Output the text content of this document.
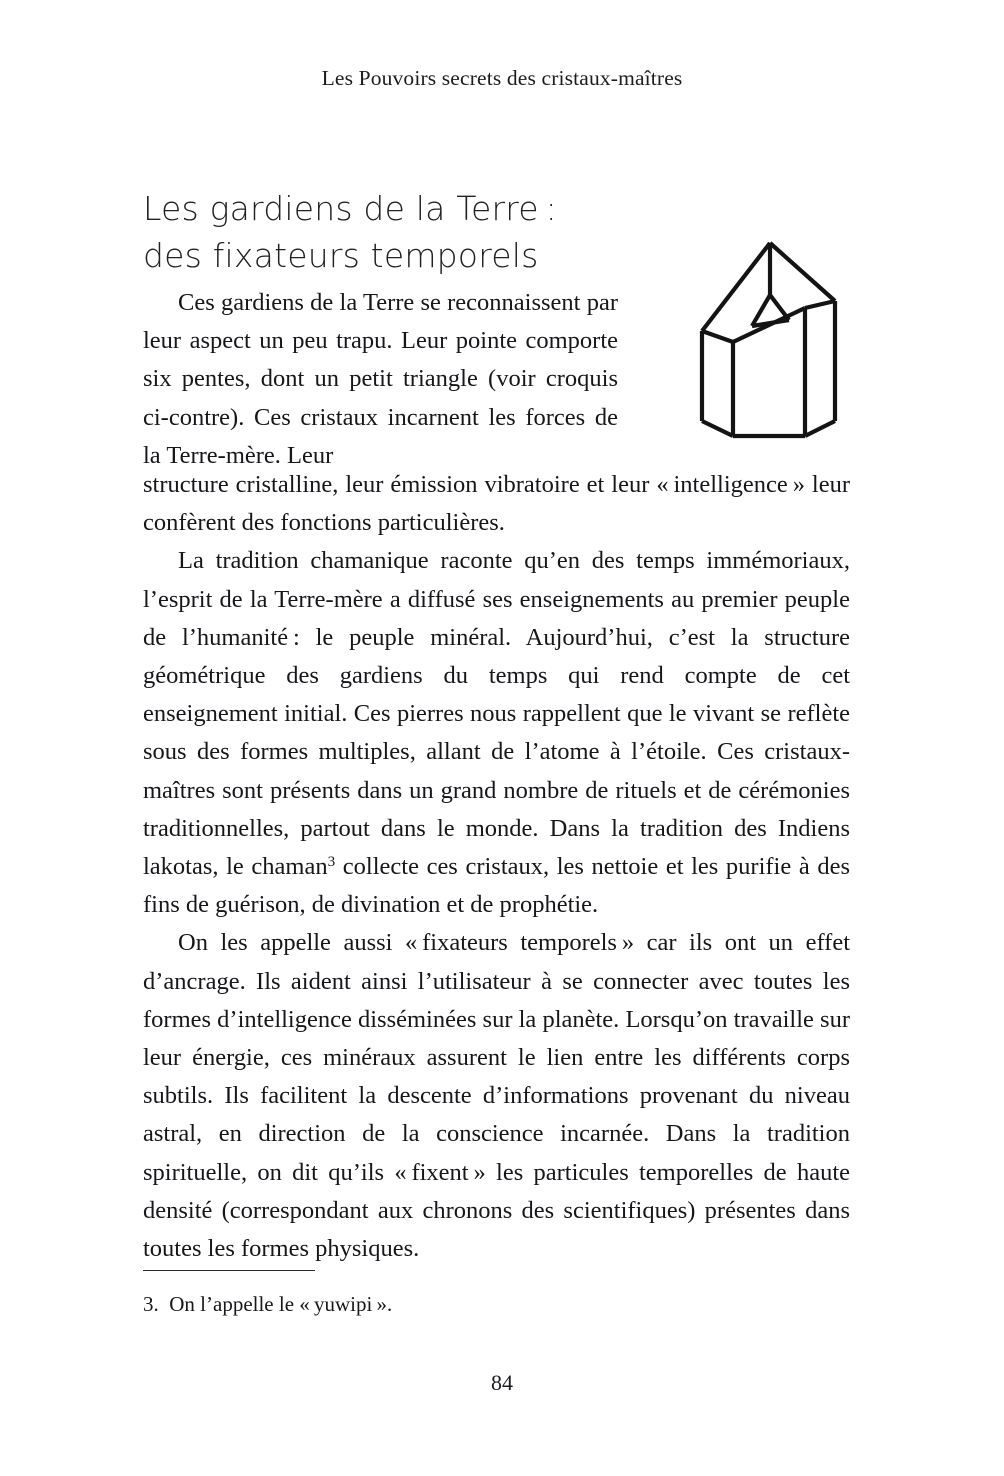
Les Pouvoirs secrets des cristaux-maîtres
Les gardiens de la Terre :
des fixateurs temporels

Ces gardiens de la Terre se reconnaissent par leur aspect un peu trapu. Leur pointe comporte six pentes, dont un petit triangle (voir croquis ci-contre). Ces cristaux incarnent les forces de la Terre-mère. Leur

structure cristalline, leur émission vibratoire et leur « intelligence » leur confèrent des fonctions particulières.

La tradition chamanique raconte qu’en des temps immémoriaux, l’esprit de la Terre-mère a diffusé ses enseignements au premier peuple de l’humanité : le peuple minéral. Aujourd’hui, c’est la structure géométrique des gardiens du temps qui rend compte de cet enseignement initial. Ces pierres nous rappellent que le vivant se reflète sous des formes multiples, allant de l’atome à l’étoile. Ces cristaux-maîtres sont présents dans un grand nombre de rituels et de cérémonies traditionnelles, partout dans le monde. Dans la tradition des Indiens lakotas, le chaman$^3$ collecte ces cristaux, les nettoie et les purifie à des fins de guérison, de divination et de prophétie.

On les appelle aussi « fixateurs temporels » car ils ont un effet d’ancrage. Ils aident ainsi l’utilisateur à se connecter avec toutes les formes d’intelligence disséminées sur la planète. Lorsqu’on travaille sur leur énergie, ces minéraux assurent le lien entre les différents corps subtils. Ils facilitent la descente d’informations provenant du niveau astral, en direction de la conscience incarnée. Dans la tradition spirituelle, on dit qu’ils « fixent » les particules temporelles de haute densité (correspondant aux chronons des scientifiques) présentes dans toutes les formes physiques.

3. On l’appelle le « yuwipi ».
84
